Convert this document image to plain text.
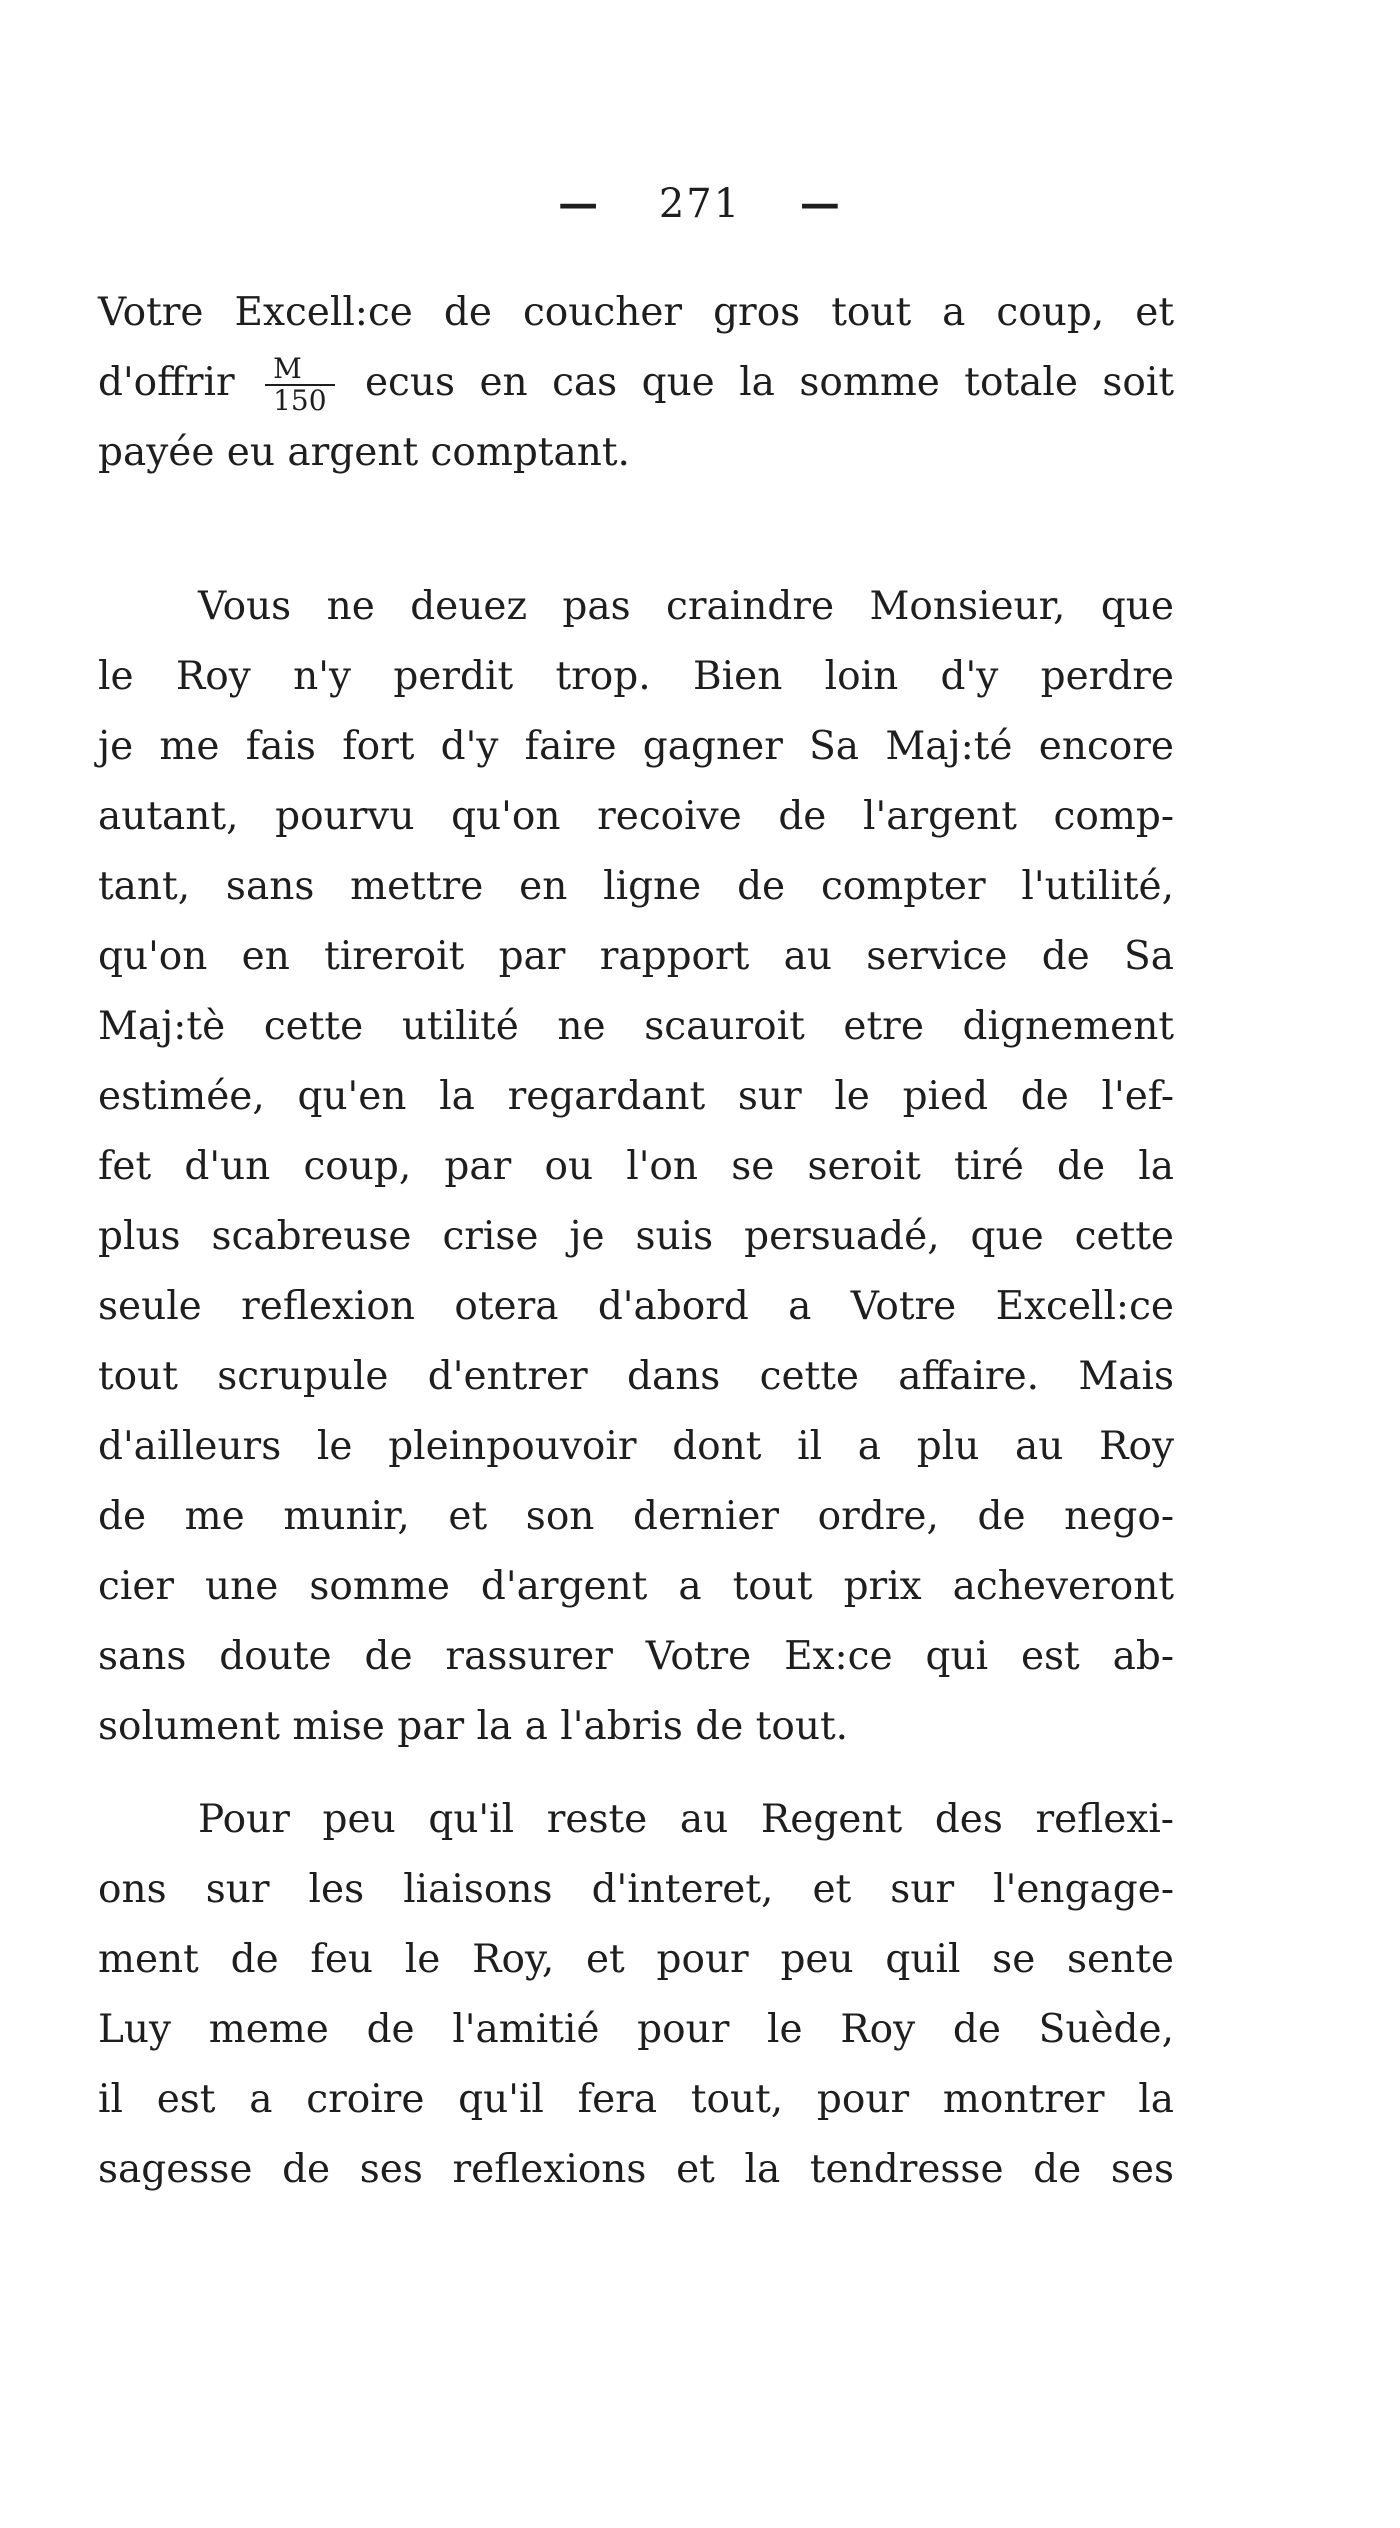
— 271 —
Votre Excell:ce de coucher gros tout a coup, et
d'offrir $\frac{M}{150}$ ecus en cas que la somme totale soit
payée eu argent comptant.
Vous ne deuez pas craindre Monsieur, que
le Roy n'y perdit trop. Bien loin d'y perdre
je me fais fort d'y faire gagner Sa Maj:té encore
autant, pourvu qu'on recoive de l'argent comp-
tant, sans mettre en ligne de compter l'utilité,
qu'on en tireroit par rapport au service de Sa
Maj:tè cette utilité ne scauroit etre dignement
estimée, qu'en la regardant sur le pied de l'ef-
fet d'un coup, par ou l'on se seroit tiré de la
plus scabreuse crise je suis persuadé, que cette
seule reflexion otera d'abord a Votre Excell:ce
tout scrupule d'entrer dans cette affaire. Mais
d'ailleurs le pleinpouvoir dont il a plu au Roy
de me munir, et son dernier ordre, de nego-
cier une somme d'argent a tout prix acheveront
sans doute de rassurer Votre Ex:ce qui est ab-
solument mise par la a l'abris de tout.
Pour peu qu'il reste au Regent des reflexi-
ons sur les liaisons d'interet, et sur l'engage-
ment de feu le Roy, et pour peu quil se sente
Luy meme de l'amitié pour le Roy de Suède,
il est a croire qu'il fera tout, pour montrer la
sagesse de ses reflexions et la tendresse de ses
